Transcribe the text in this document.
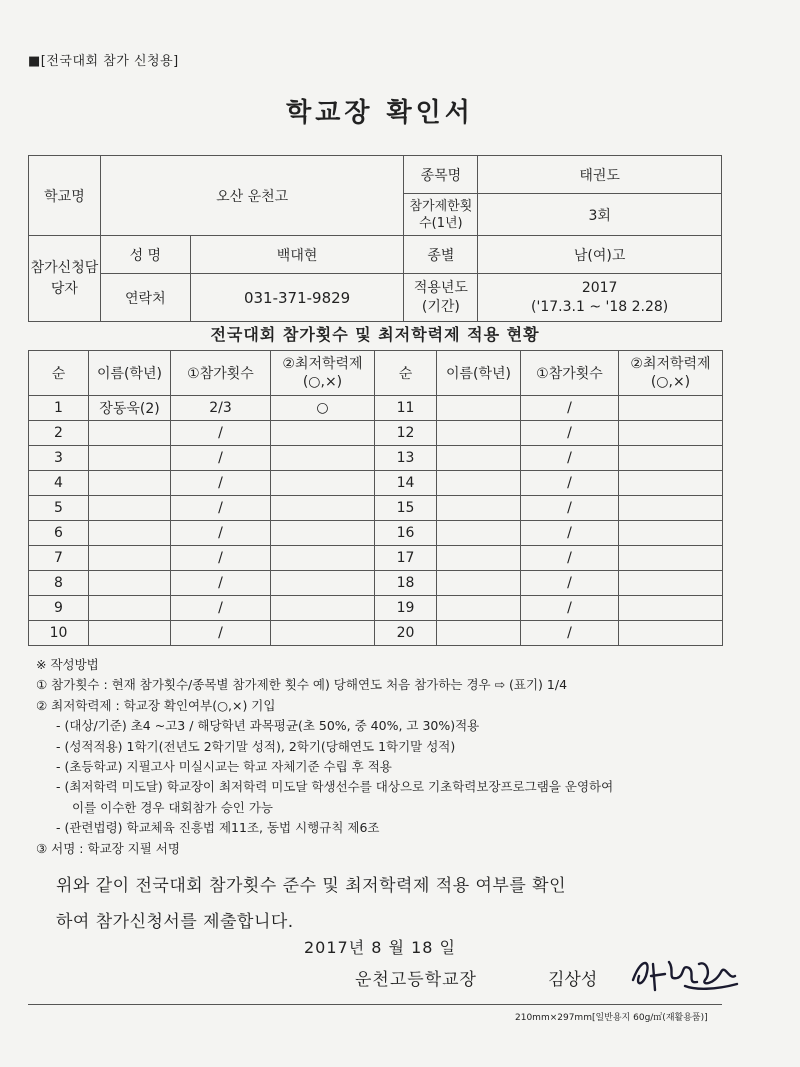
■[전국대회 참가 신청용]
학교장 확인서
학교명	오산 운천고		종목명	태권도
			참가제한횟수(1년)	3회
참가신청담당자	성 명	백대현	종별	남(여)고
	연락처	031-371-9829	적용년도(기간)	2017
('17.3.1 ~ '18 2.28)
전국대회 참가횟수 및 최저학력제 적용 현황
순	이름(학년)	①참가횟수	②최저학력제(○,×)	순	이름(학년)	①참가횟수	②최저학력제(○,×)
1	장동욱(2)	2/3	○	11		/	
2		/		12		/	
3		/		13		/	
4		/		14		/	
5		/		15		/	
6		/		16		/	
7		/		17		/	
8		/		18		/	
9		/		19		/	
10		/		20		/	
※ 작성방법
① 참가횟수 : 현재 참가횟수/종목별 참가제한 횟수 예) 당해연도 처음 참가하는 경우 ⇨ (표기) 1/4
② 최저학력제 : 학교장 확인여부(○,×) 기입
- (대상/기준) 초4 ~고3 / 해당학년 과목평균(초 50%, 중 40%, 고 30%)적용
- (성적적용) 1학기(전년도 2학기말 성적), 2학기(당해연도 1학기말 성적)
- (초등학교) 지필고사 미실시교는 학교 자체기준 수립 후 적용
- (최저학력 미도달) 학교장이 최저학력 미도달 학생선수를 대상으로 기초학력보장프로그램을 운영하여
이를 이수한 경우 대회참가 승인 가능
- (관련법령) 학교체육 진흥법 제11조, 동법 시행규칙 제6조
③ 서명 : 학교장 지필 서명
위와 같이 전국대회 참가횟수 준수 및 최저학력제 적용 여부를 확인
하여 참가신청서를 제출합니다.
2017년 8 월 18 일
운천고등학교장	김상성
210mm×297mm[일반용지 60g/㎡(재활용품)]
